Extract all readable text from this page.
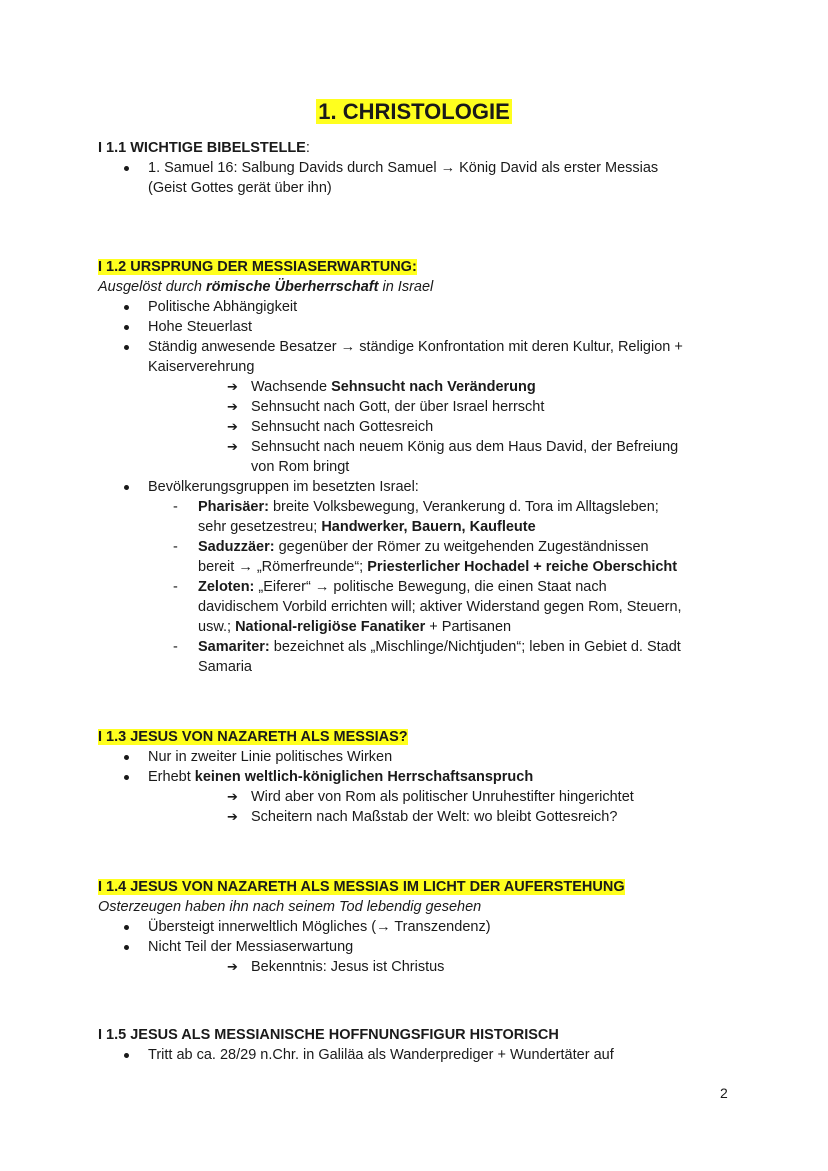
1. CHRISTOLOGIE

I 1.1 WICHTIGE BIBELSTELLE:

1. Samuel 16: Salbung Davids durch Samuel → König David als erster Messias
(Geist Gottes gerät über ihn)

I 1.2 URSPRUNG DER MESSIASERWARTUNG:

Ausgelöst durch römische Überherrschaft in Israel
Politische Abhängigkeit
Hohe Steuerlast
Ständig anwesende Besatzer → ständige Konfrontation mit deren Kultur, Religion +
Kaiserverehrung
➔ Wachsende Sehnsucht nach Veränderung
➔ Sehnsucht nach Gott, der über Israel herrscht
➔ Sehnsucht nach Gottesreich
➔ Sehnsucht nach neuem König aus dem Haus David, der Befreiung
von Rom bringt
Bevölkerungsgruppen im besetzten Israel:
- Pharisäer: breite Volksbewegung, Verankerung d. Tora im Alltagsleben;
sehr gesetzestreu; Handwerker, Bauern, Kaufleute
- Saduzzäer: gegenüber der Römer zu weitgehenden Zugeständnissen
bereit → „Römerfreunde“; Priesterlicher Hochadel + reiche Oberschicht
- Zeloten: „Eiferer“ → politische Bewegung, die einen Staat nach
davidischem Vorbild errichten will; aktiver Widerstand gegen Rom, Steuern,
usw.; National-religiöse Fanatiker + Partisanen
- Samariter: bezeichnet als „Mischlinge/Nichtjuden“; leben in Gebiet d. Stadt
Samaria

I 1.3 JESUS VON NAZARETH ALS MESSIAS?

Nur in zweiter Linie politisches Wirken
Erhebt keinen weltlich-königlichen Herrschaftsanspruch
➔ Wird aber von Rom als politischer Unruhestifter hingerichtet
➔ Scheitern nach Maßstab der Welt: wo bleibt Gottesreich?

I 1.4 JESUS VON NAZARETH ALS MESSIAS IM LICHT DER AUFERSTEHUNG

Osterzeugen haben ihn nach seinem Tod lebendig gesehen
Übersteigt innerweltlich Mögliches (→ Transzendenz)
Nicht Teil der Messiaserwartung
➔ Bekenntnis: Jesus ist Christus

I 1.5 JESUS ALS MESSIANISCHE HOFFNUNGSFIGUR HISTORISCH

Tritt ab ca. 28/29 n.Chr. in Galiläa als Wanderprediger + Wundertäter auf
2
